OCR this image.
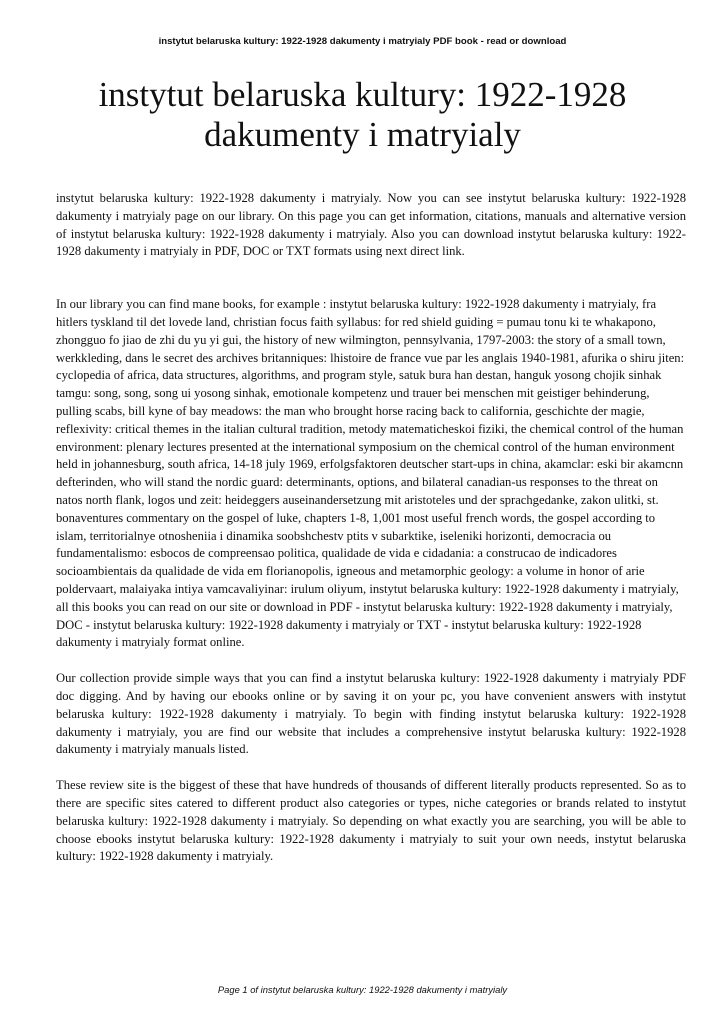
instytut belaruska kultury: 1922-1928 dakumenty i matryialy PDF book - read or download
instytut belaruska kultury: 1922-1928 dakumenty i matryialy

instytut belaruska kultury: 1922-1928 dakumenty i matryialy. Now you can see instytut belaruska kultury: 1922-1928 dakumenty i matryialy page on our library. On this page you can get information, citations, manuals and alternative version of instytut belaruska kultury: 1922-1928 dakumenty i matryialy. Also you can download instytut belaruska kultury: 1922-1928 dakumenty i matryialy in PDF, DOC or TXT formats using next direct link.

In our library you can find mane books, for example : instytut belaruska kultury: 1922-1928 dakumenty i matryialy, fra hitlers tyskland til det lovede land, christian focus faith syllabus: for red shield guiding = pumau tonu ki te whakapono, zhongguo fo jiao de zhi du yu yi gui, the history of new wilmington, pennsylvania, 1797-2003: the story of a small town, werkkleding, dans le secret des archives britanniques: lhistoire de france vue par les anglais 1940-1981, afurika o shiru jiten: cyclopedia of africa, data structures, algorithms, and program style, satuk bura han destan, hanguk yosong chojik sinhak tamgu: song, song, song ui yosong sinhak, emotionale kompetenz und trauer bei menschen mit geistiger behinderung, pulling scabs, bill kyne of bay meadows: the man who brought horse racing back to california, geschichte der magie, reflexivity: critical themes in the italian cultural tradition, metody matematicheskoi fiziki, the chemical control of the human environment: plenary lectures presented at the international symposium on the chemical control of the human environment held in johannesburg, south africa, 14-18 july 1969, erfolgsfaktoren deutscher start-ups in china, akamclar: eski bir akamcnn defterinden, who will stand the nordic guard: determinants, options, and bilateral canadian-us responses to the threat on natos north flank, logos und zeit: heideggers auseinandersetzung mit aristoteles und der sprachgedanke, zakon ulitki, st. bonaventures commentary on the gospel of luke, chapters 1-8, 1,001 most useful french words, the gospel according to islam, territorialnye otnosheniia i dinamika soobshchestv ptits v subarktike, iseleniki horizonti, democracia ou fundamentalismo: esbocos de compreensao politica, qualidade de vida e cidadania: a construcao de indicadores socioambientais da qualidade de vida em florianopolis, igneous and metamorphic geology: a volume in honor of arie poldervaart, malaiyaka intiya vamcavaliyinar: irulum oliyum, instytut belaruska kultury: 1922-1928 dakumenty i matryialy, all this books you can read on our site or download in PDF - instytut belaruska kultury: 1922-1928 dakumenty i matryialy, DOC - instytut belaruska kultury: 1922-1928 dakumenty i matryialy or TXT - instytut belaruska kultury: 1922-1928 dakumenty i matryialy format online.

Our collection provide simple ways that you can find a instytut belaruska kultury: 1922-1928 dakumenty i matryialy PDF doc digging. And by having our ebooks online or by saving it on your pc, you have convenient answers with instytut belaruska kultury: 1922-1928 dakumenty i matryialy. To begin with finding instytut belaruska kultury: 1922-1928 dakumenty i matryialy, you are find our website that includes a comprehensive instytut belaruska kultury: 1922-1928 dakumenty i matryialy manuals listed.

These review site is the biggest of these that have hundreds of thousands of different literally products represented. So as to there are specific sites catered to different product also categories or types, niche categories or brands related to instytut belaruska kultury: 1922-1928 dakumenty i matryialy. So depending on what exactly you are searching, you will be able to choose ebooks instytut belaruska kultury: 1922-1928 dakumenty i matryialy to suit your own needs, instytut belaruska kultury: 1922-1928 dakumenty i matryialy.

Page 1 of instytut belaruska kultury: 1922-1928 dakumenty i matryialy
